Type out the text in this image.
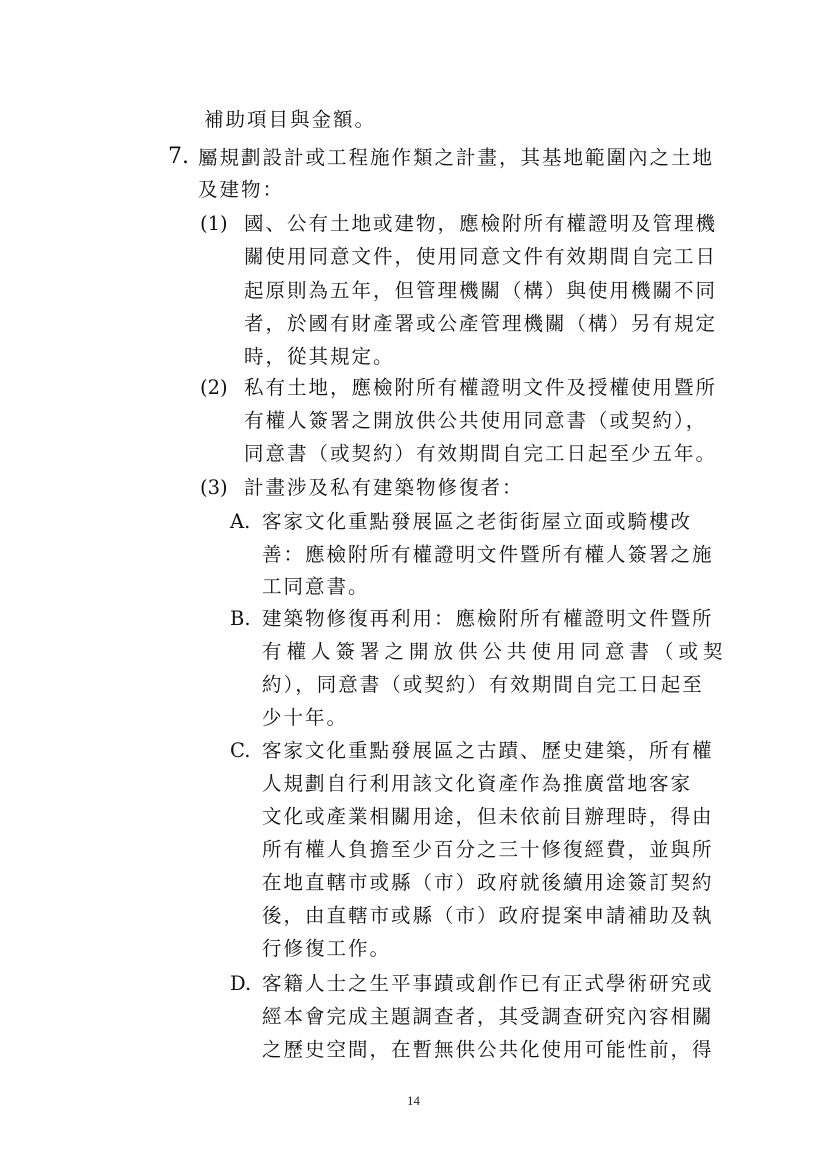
補助項目與金額。
7. 屬規劃設計或工程施作類之計畫，其基地範圍內之土地
及建物：
(1) 國、公有土地或建物，應檢附所有權證明及管理機
關使用同意文件，使用同意文件有效期間自完工日
起原則為五年，但管理機關（構）與使用機關不同
者，於國有財產署或公產管理機關（構）另有規定
時，從其規定。
(2) 私有土地，應檢附所有權證明文件及授權使用暨所
有權人簽署之開放供公共使用同意書（或契約），
同意書（或契約）有效期間自完工日起至少五年。
(3) 計畫涉及私有建築物修復者：
A. 客家文化重點發展區之老街街屋立面或騎樓改
善：應檢附所有權證明文件暨所有權人簽署之施
工同意書。
B. 建築物修復再利用：應檢附所有權證明文件暨所
有權人簽署之開放供公共使用同意書（或契
約），同意書（或契約）有效期間自完工日起至
少十年。
C. 客家文化重點發展區之古蹟、歷史建築，所有權
人規劃自行利用該文化資產作為推廣當地客家
文化或產業相關用途，但未依前目辦理時，得由
所有權人負擔至少百分之三十修復經費，並與所
在地直轄市或縣（市）政府就後續用途簽訂契約
後，由直轄市或縣（市）政府提案申請補助及執
行修復工作。
D. 客籍人士之生平事蹟或創作已有正式學術研究或
經本會完成主題調查者，其受調查研究內容相關
之歷史空間，在暫無供公共化使用可能性前，得
14
